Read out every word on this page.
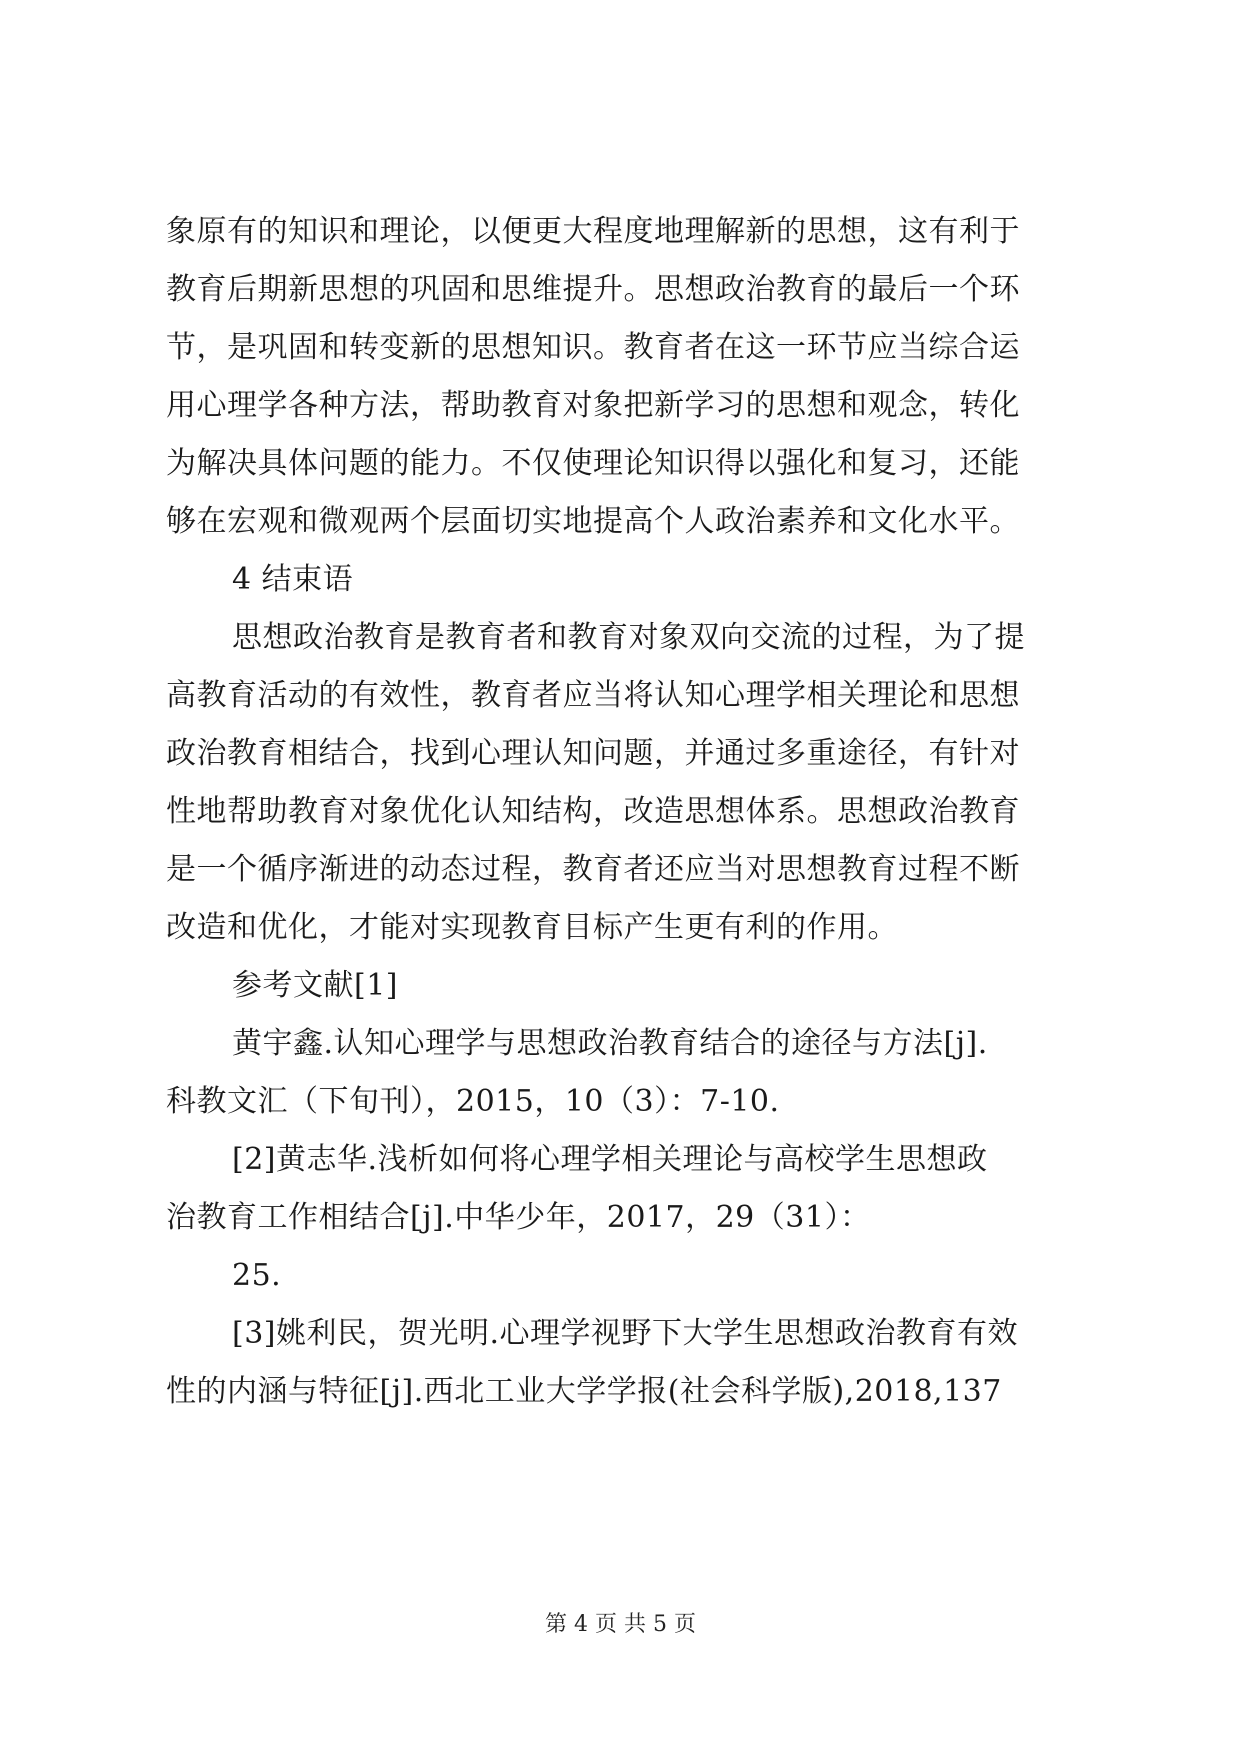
象原有的知识和理论，以便更大程度地理解新的思想，这有利于
教育后期新思想的巩固和思维提升。思想政治教育的最后一个环
节，是巩固和转变新的思想知识。教育者在这一环节应当综合运
用心理学各种方法，帮助教育对象把新学习的思想和观念，转化
为解决具体问题的能力。不仅使理论知识得以强化和复习，还能
够在宏观和微观两个层面切实地提高个人政治素养和文化水平。
4 结束语
思想政治教育是教育者和教育对象双向交流的过程，为了提
高教育活动的有效性，教育者应当将认知心理学相关理论和思想
政治教育相结合，找到心理认知问题，并通过多重途径，有针对
性地帮助教育对象优化认知结构，改造思想体系。思想政治教育
是一个循序渐进的动态过程，教育者还应当对思想教育过程不断
改造和优化，才能对实现教育目标产生更有利的作用。
参考文献[1]
黄宇鑫.认知心理学与思想政治教育结合的途径与方法[j].
科教文汇（下旬刊），2015，10（3）：7-10.
[2]黄志华.浅析如何将心理学相关理论与高校学生思想政
治教育工作相结合[j].中华少年，2017，29（31）：
25.
[3]姚利民，贺光明.心理学视野下大学生思想政治教育有效
性的内涵与特征[j].西北工业大学学报(社会科学版),2018,137
第 4 页 共 5 页
